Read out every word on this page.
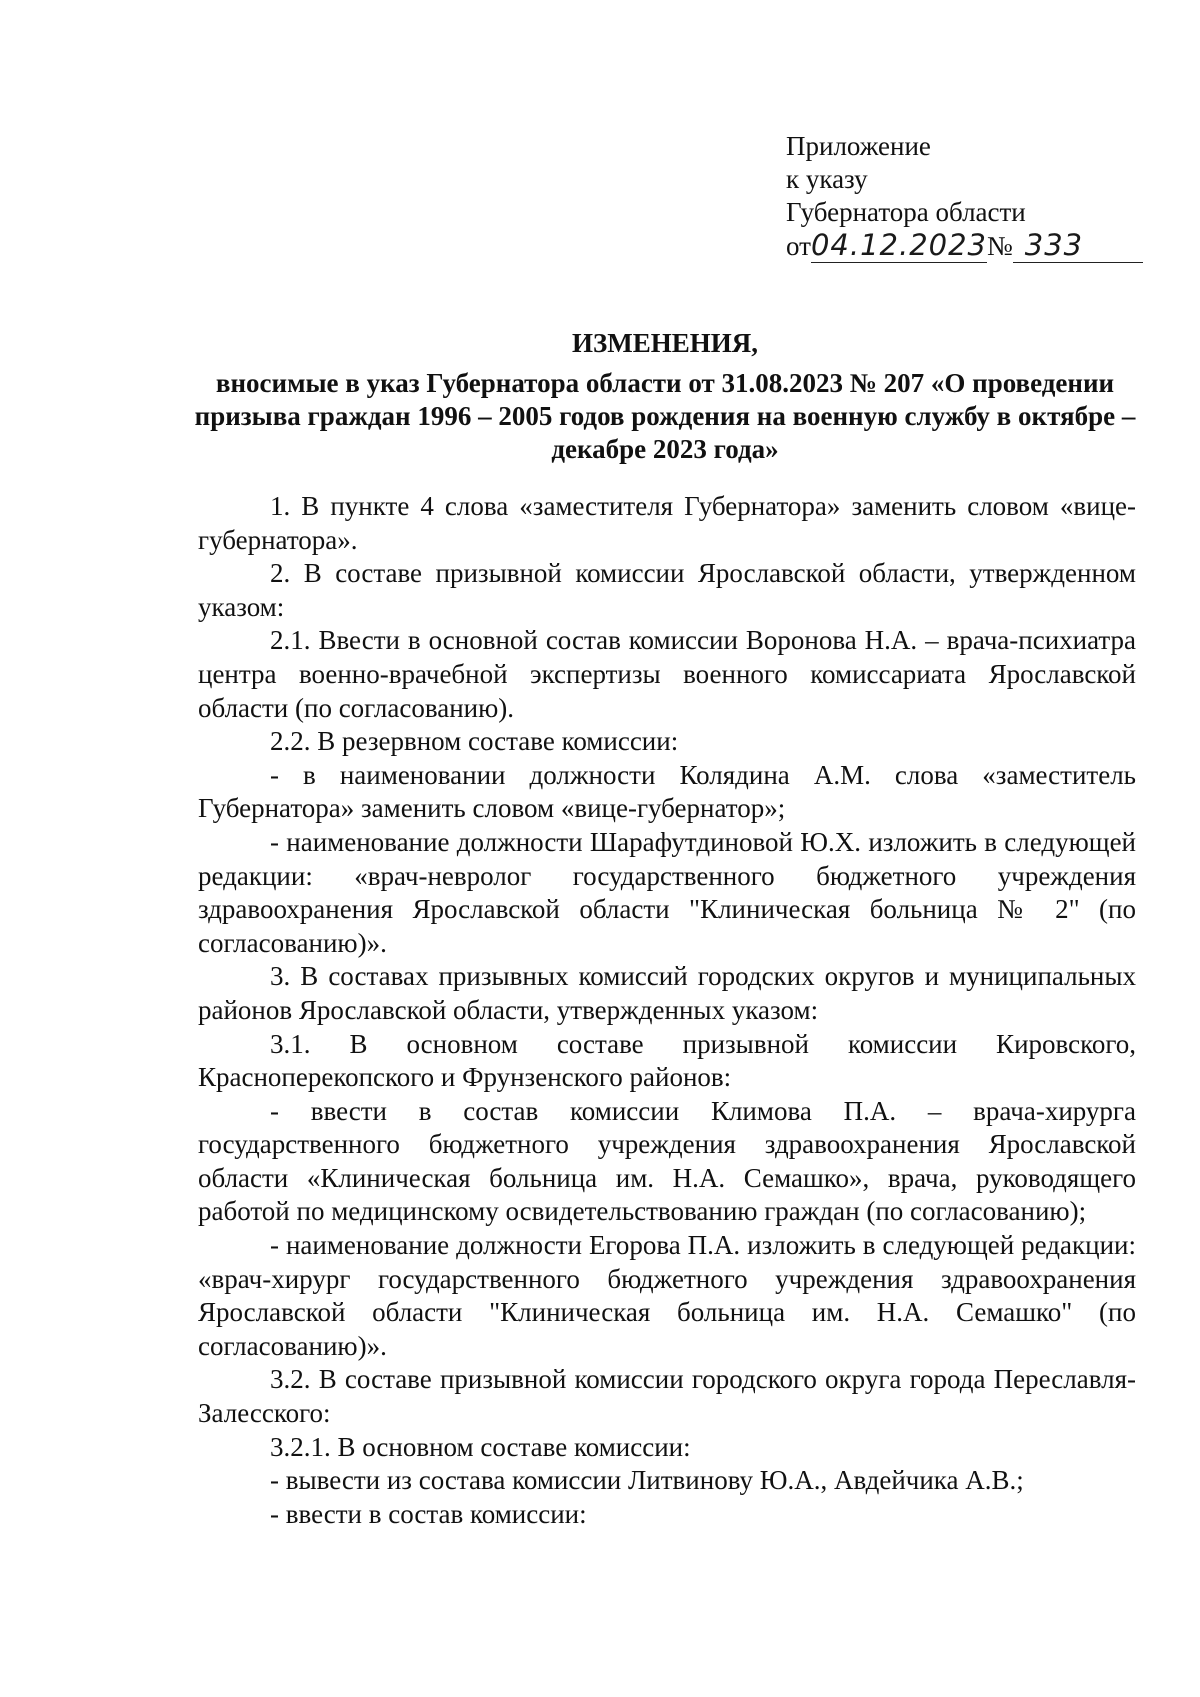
Приложение
к указу
Губернатора области
от04.12.2023№ 333
ИЗМЕНЕНИЯ,
вносимые в указ Губернатора области от 31.08.2023 № 207 «О проведении призыва граждан 1996 – 2005 годов рождения на военную службу в октябре – декабре 2023 года»

1. В пункте 4 слова «заместителя Губернатора» заменить словом «вице-губернатора».

2. В составе призывной комиссии Ярославской области, утвержденном указом:

2.1. Ввести в основной состав комиссии Воронова Н.А. – врача-психиатра центра военно-врачебной экспертизы военного комиссариата Ярославской области (по согласованию).

2.2. В резервном составе комиссии:

- в наименовании должности Колядина А.М. слова «заместитель Губернатора» заменить словом «вице-губернатор»;

- наименование должности Шарафутдиновой Ю.Х. изложить в следующей редакции: «врач-невролог государственного бюджетного учреждения здравоохранения Ярославской области "Клиническая больница № 2" (по согласованию)».

3. В составах призывных комиссий городских округов и муниципальных районов Ярославской области, утвержденных указом:

3.1. В основном составе призывной комиссии Кировского, Красноперекопского и Фрунзенского районов:

- ввести в состав комиссии Климова П.А. – врача-хирурга государственного бюджетного учреждения здравоохранения Ярославской области «Клиническая больница им. Н.А. Семашко», врача, руководящего работой по медицинскому освидетельствованию граждан (по согласованию);

- наименование должности Егорова П.А. изложить в следующей редакции: «врач-хирург государственного бюджетного учреждения здравоохранения Ярославской области "Клиническая больница им. Н.А. Семашко" (по согласованию)».

3.2. В составе призывной комиссии городского округа города Переславля-Залесского:

3.2.1. В основном составе комиссии:

- вывести из состава комиссии Литвинову Ю.А., Авдейчика А.В.;

- ввести в состав комиссии:
